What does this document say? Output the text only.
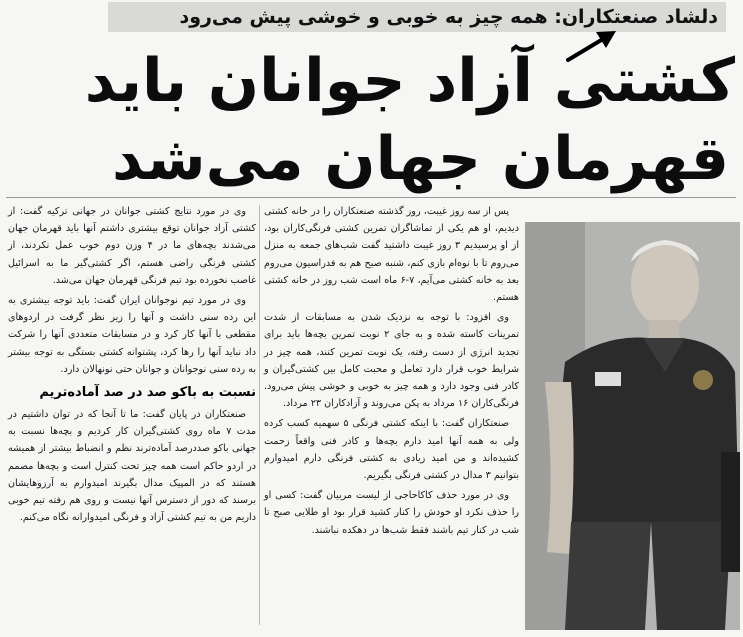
دلشاد صنعتکاران: همه چیز به خوبی و خوشی پیش می‌رود
کشتی آزاد جوانان باید
قهرمان جهان می‌شد

پس از سه روز غیبت، روز گذشته صنعتکاران را در خانه کشتی دیدیم، او هم یکی از تماشاگران تمرین کشتی فرنگی‌کاران بود، از او پرسیدیم ۳ روز غیبت داشتید گفت شب‌های جمعه به منزل می‌روم تا با نوه‌ام بازی کنم، شنبه صبح هم به فدراسیون می‌روم بعد به خانه کشتی می‌آیم، ۷-۶ ماه است شب روز در خانه کشتی هستم.

وی افزود: با توجه به نزدیک شدن به مسابقات از شدت تمرینات کاسته شده و به جای ۲ نوبت تمرین بچه‌ها باید برای تجدید انرژی از دست رفته، یک نوبت تمرین کنند، همه چیز در شرایط خوب قرار دارد تعامل و محبت کامل بین کشتی‌گیران و کادر فنی وجود دارد و همه چیز به خوبی و خوشی پیش می‌رود. فرنگی‌کاران ۱۶ مرداد به پکن می‌روند و آزادکاران ۲۳ مرداد.

صنعتکاران گفت: با اینکه کشتی فرنگی ۵ سهمیه کسب کرده ولی به همه آنها امید دارم بچه‌ها و کادر فنی واقعاً زحمت کشیده‌اند و من امید زیادی به کشتی فرنگی دارم امیدوارم بتوانیم ۳ مدال در کشتی فرنگی بگیریم.

وی در مورد حذف کاکاحاجی از لیست مربیان گفت: کسی او را حذف نکرد او خودش را کنار کشید قرار بود او طلایی صبح تا شب در کنار تیم باشند فقط شب‌ها در دهکده نباشند.

وی در مورد نتایج کشتی جوانان در جهانی ترکیه گفت: از کشتی آزاد جوانان توقع بیشتری داشتم آنها باید قهرمان جهان می‌شدند بچه‌های ما در ۴ وزن دوم خوب عمل نکردند، از کشتی فرنگی راضی هستم، اگر کشتی‌گیر ما به اسرائیل غاصب نخورده بود تیم فرنگی قهرمان جهان می‌شد.

وی در مورد تیم نوجوانان ایران گفت: باید توجه بیشتری به این رده سنی داشت و آنها را زیر نظر گرفت در اردوهای مقطعی با آنها کار کرد و در مسابقات متعددی آنها را شرکت داد نباید آنها را رها کرد، پشتوانه کشتی بستگی به توجه بیشتر به رده سنی نوجوانان و جوانان حتی نونهالان دارد.

نسبت به باکو صد در صد آماده‌تریم

صنعتکاران در پایان گفت: ما تا آنجا که در توان داشتیم در مدت ۷ ماه روی کشتی‌گیران کار کردیم و بچه‌ها نسبت به جهانی باکو صددرصد آماده‌ترند نظم و انضباط بیشتر از همیشه در اردو حاکم است همه چیز تحت کنترل است و بچه‌ها مصمم هستند که در المپیک مدال بگیرند امیدوارم به آرزوهایشان برسند که دور از دسترس آنها نیست و روی هم رفته تیم خوبی داریم من به تیم کشتی آزاد و فرنگی امیدوارانه نگاه می‌کنم.
